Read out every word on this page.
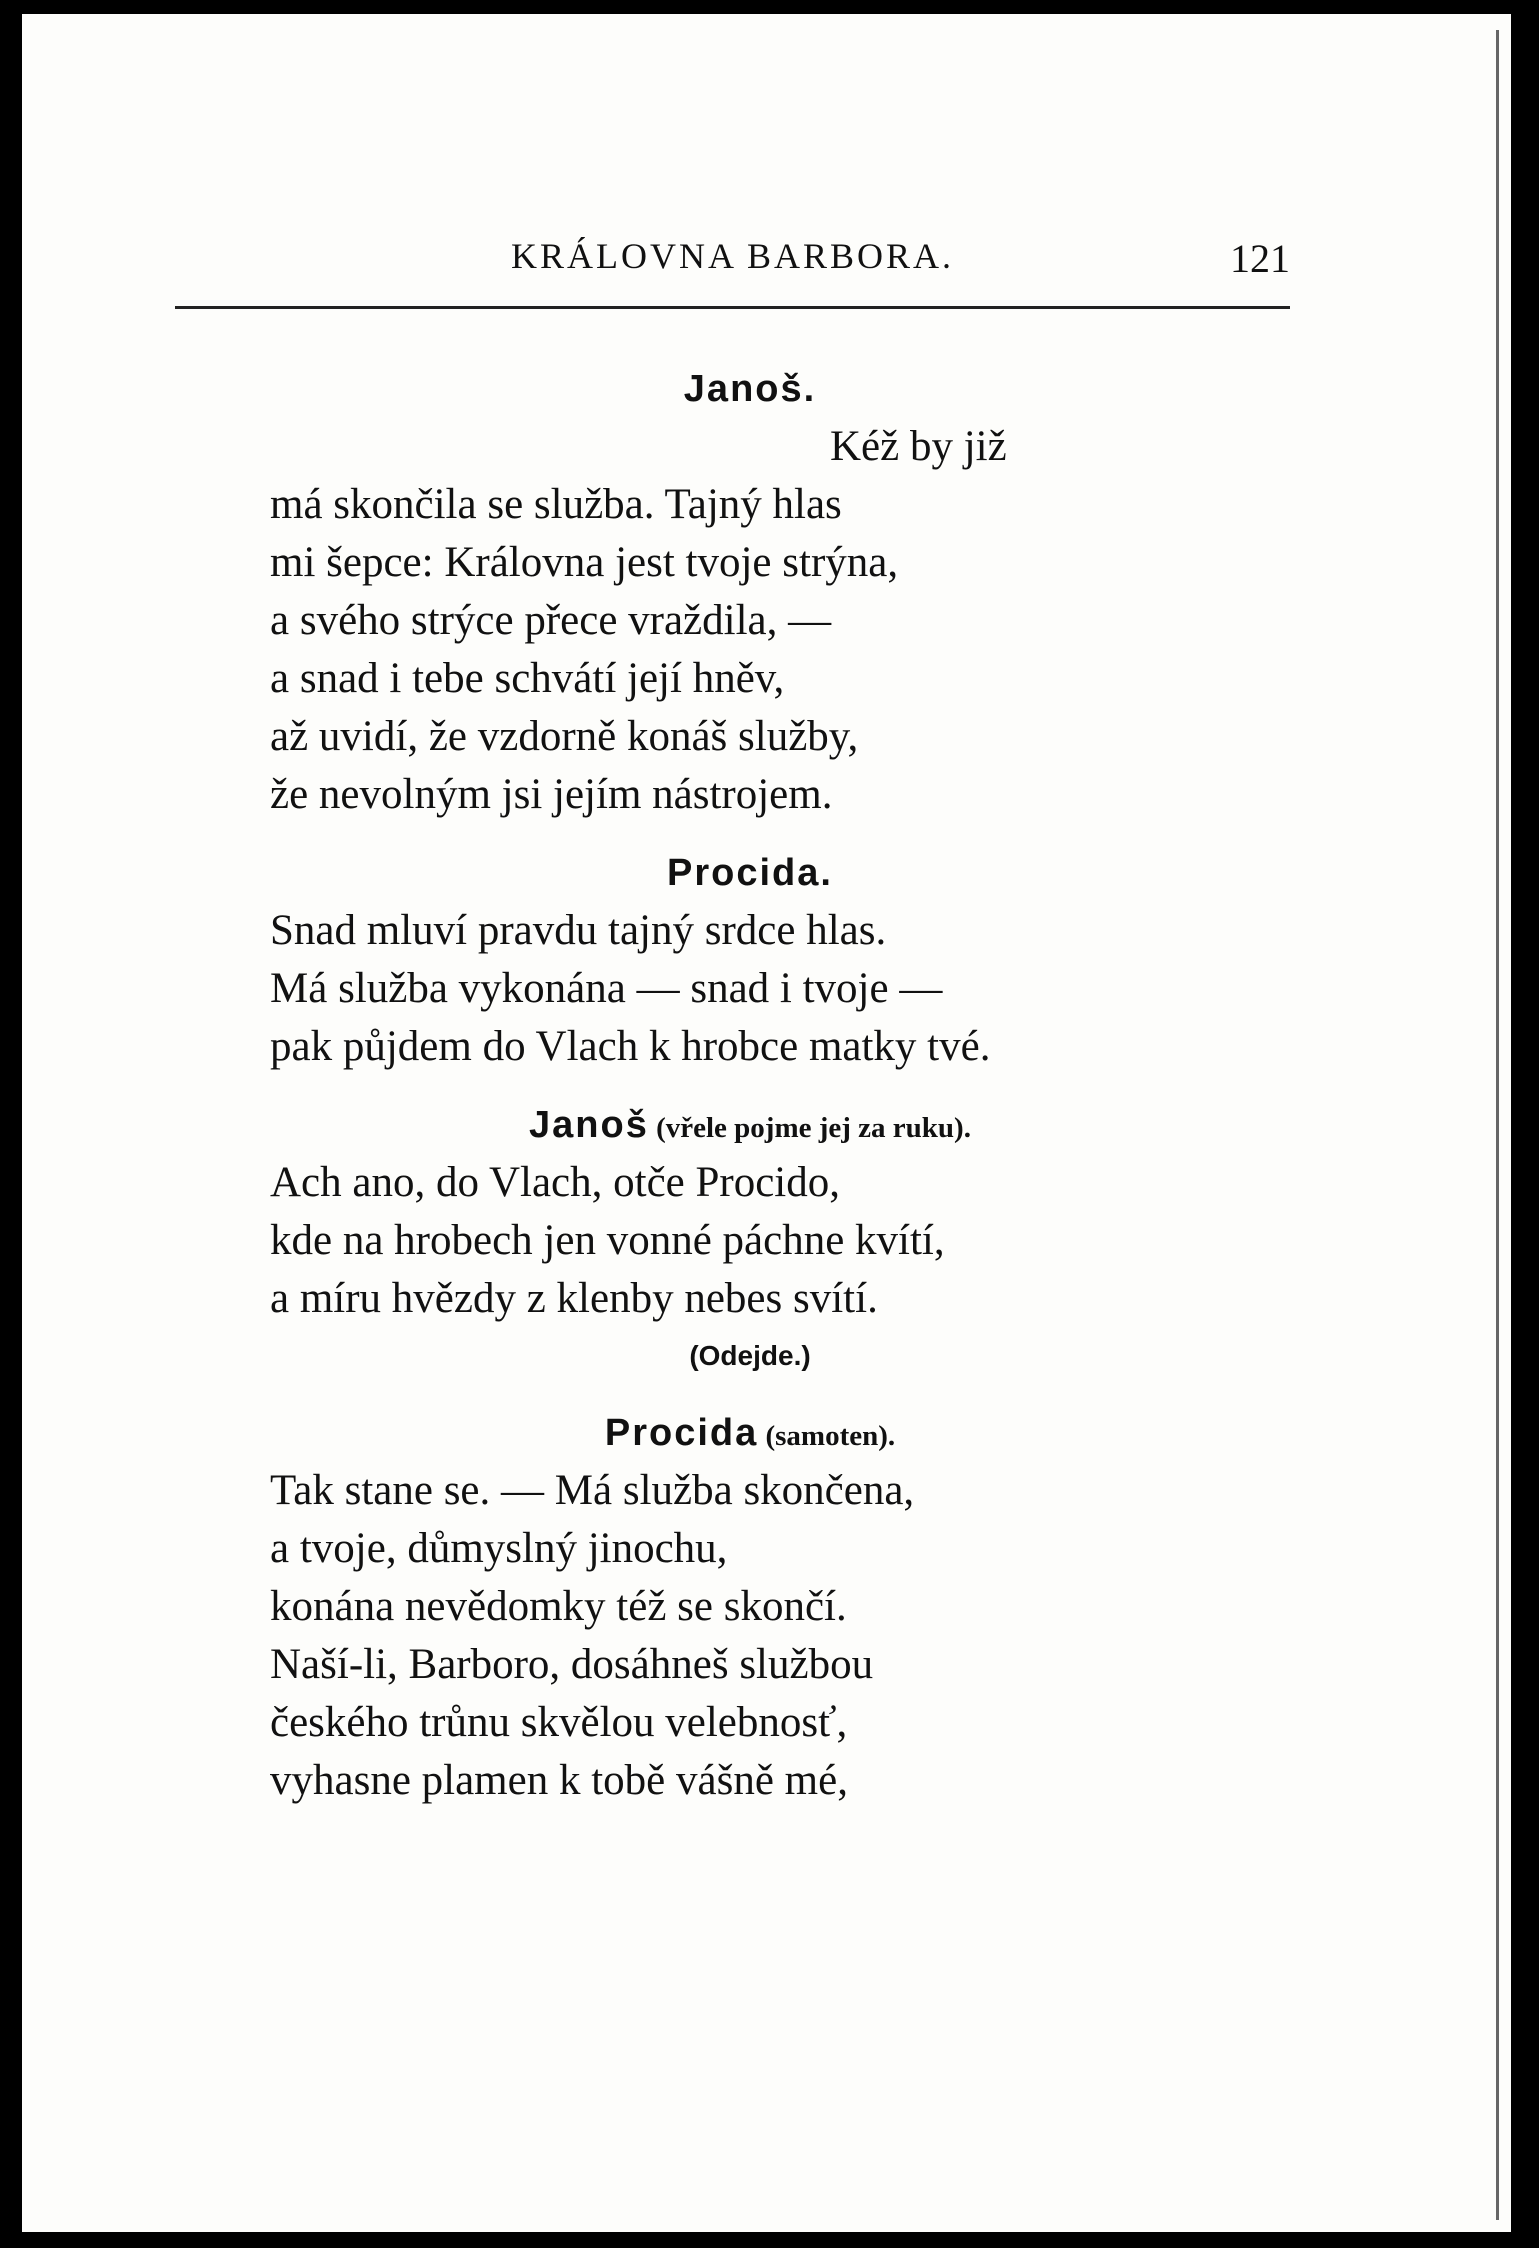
KRÁLOVNA BARBORA.	121
Janoš.
Kéž by již
má skončila se služba. Tajný hlas
mi šepce: Královna jest tvoje strýna,
a svého strýce přece vraždila, —
a snad i tebe schvátí její hněv,
až uvidí, že vzdorně konáš služby,
že nevolným jsi jejím nástrojem.
Procida.
Snad mluví pravdu tajný srdce hlas.
Má služba vykonána — snad i tvoje —
pak půjdem do Vlach k hrobce matky tvé.
Janoš (vřele pojme jej za ruku).
Ach ano, do Vlach, otče Procido,
kde na hrobech jen vonné páchne kvítí,
a míru hvězdy z klenby nebes svítí.
(Odejde.)
Procida (samoten).
Tak stane se. — Má služba skončena,
a tvoje, důmyslný jinochu,
konána nevědomky též se skončí.
Naší-li, Barboro, dosáhneš službou
českého trůnu skvělou velebnosť,
vyhasne plamen k tobě vášně mé,
